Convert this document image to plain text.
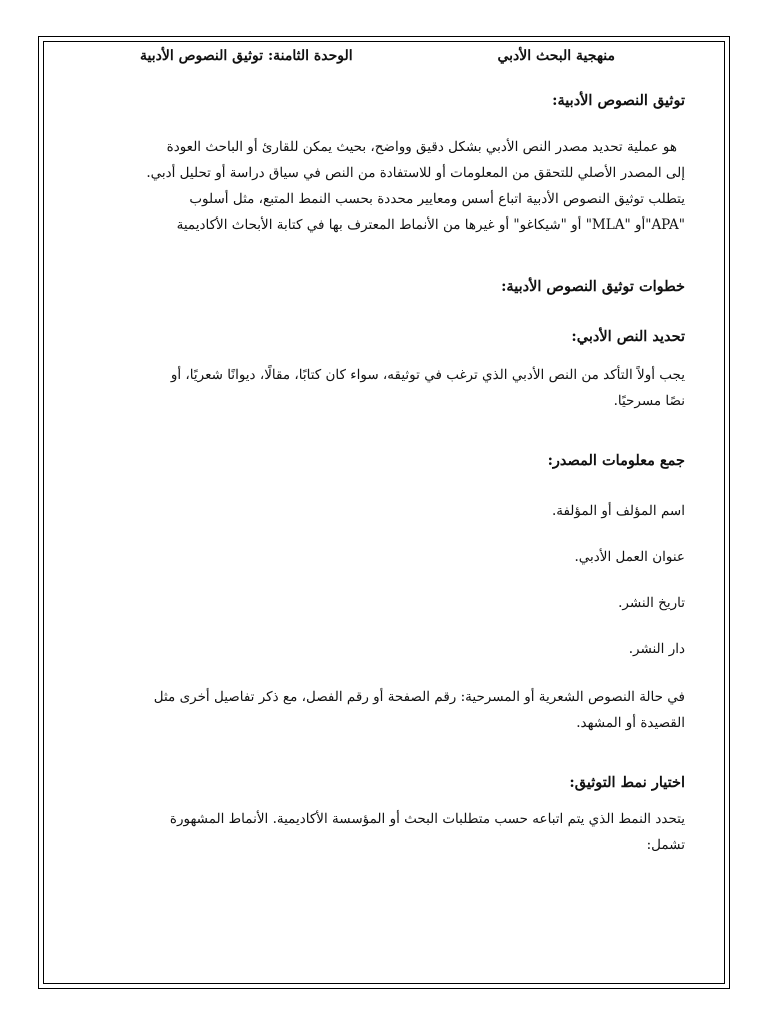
منهجية البحث الأدبي
الوحدة الثامنة: توثيق النصوص الأدبية
توثيق النصوص الأدبية:

هو عملية تحديد مصدر النص الأدبي بشكل دقيق وواضح، بحيث يمكن للقارئ أو الباحث العودة

إلى المصدر الأصلي للتحقق من المعلومات أو للاستفادة من النص في سياق دراسة أو تحليل أدبي.

يتطلب توثيق النصوص الأدبية اتباع أسس ومعايير محددة بحسب النمط المتبع، مثل أسلوب

"APA"أو "MLA" أو "شيكاغو" أو غيرها من الأنماط المعترف بها في كتابة الأبحاث الأكاديمية

خطوات توثيق النصوص الأدبية:
تحديد النص الأدبي:

يجب أولاً التأكد من النص الأدبي الذي ترغب في توثيقه، سواء كان كتابًا، مقالًا، ديوانًا شعريًا، أو

نصًا مسرحيًا.

جمع معلومات المصدر:

اسم المؤلف أو المؤلفة.

عنوان العمل الأدبي.

تاريخ النشر.

دار النشر.

في حالة النصوص الشعرية أو المسرحية: رقم الصفحة أو رقم الفصل، مع ذكر تفاصيل أخرى مثل

القصيدة أو المشهد.

اختيار نمط التوثيق:

يتحدد النمط الذي يتم اتباعه حسب متطلبات البحث أو المؤسسة الأكاديمية. الأنماط المشهورة

تشمل:
